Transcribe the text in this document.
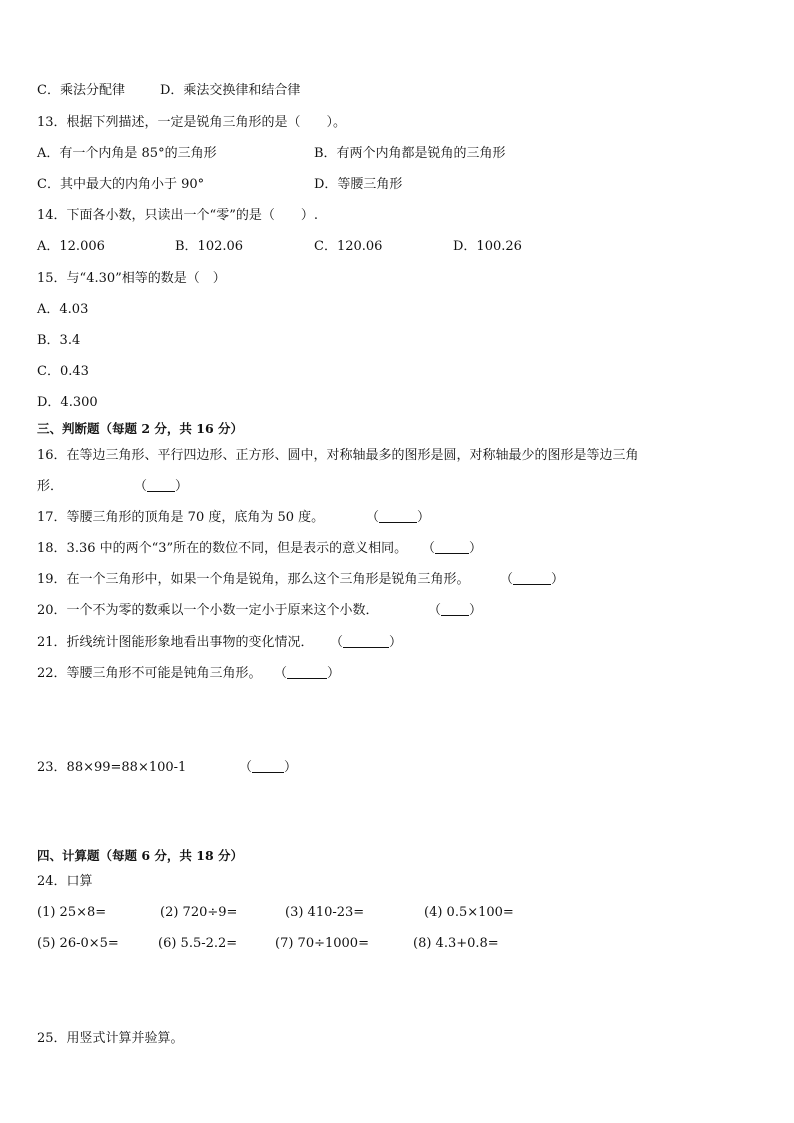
C．乘法分配律	D．乘法交换律和结合律
13．根据下列描述，一定是锐角三角形的是（　　）。
A．有一个内角是 85°的三角形	B．有两个内角都是锐角的三角形
C．其中最大的内角小于 90°	D．等腰三角形
14．下面各小数，只读出一个“零”的是（　　）.
A．12.006	B．102.06	C．120.06	D．100.26
15．与“4.30”相等的数是（　）
A．4.03
B．3.4
C．0.43
D．4.300
三、判断题（每题 2 分，共 16 分）
16．在等边三角形、平行四边形、正方形、圆中，对称轴最多的图形是圆，对称轴最少的图形是等边三角
形．	（ ）
17．等腰三角形的顶角是 70 度，底角为 50 度。	（	）
18．3.36 中的两个“3”所在的数位不同，但是表示的意义相同。 （	）
19．在一个三角形中，如果一个角是锐角，那么这个三角形是锐角三角形。 （	）
20．一个不为零的数乘以一个小数一定小于原来这个小数．	（ ）
21．折线统计图能形象地看出事物的变化情况． （	）
22．等腰三角形不可能是钝角三角形。 （	）
23．88×99=88×100-1	（ ）
四、计算题（每题 6 分，共 18 分）
24．口算
(1) 25×8=	(2) 720÷9=	(3) 410-23=	(4) 0.5×100=
(5) 26-0×5=	(6) 5.5-2.2=	(7) 70÷1000=	(8) 4.3+0.8=
25．用竖式计算并验算。
